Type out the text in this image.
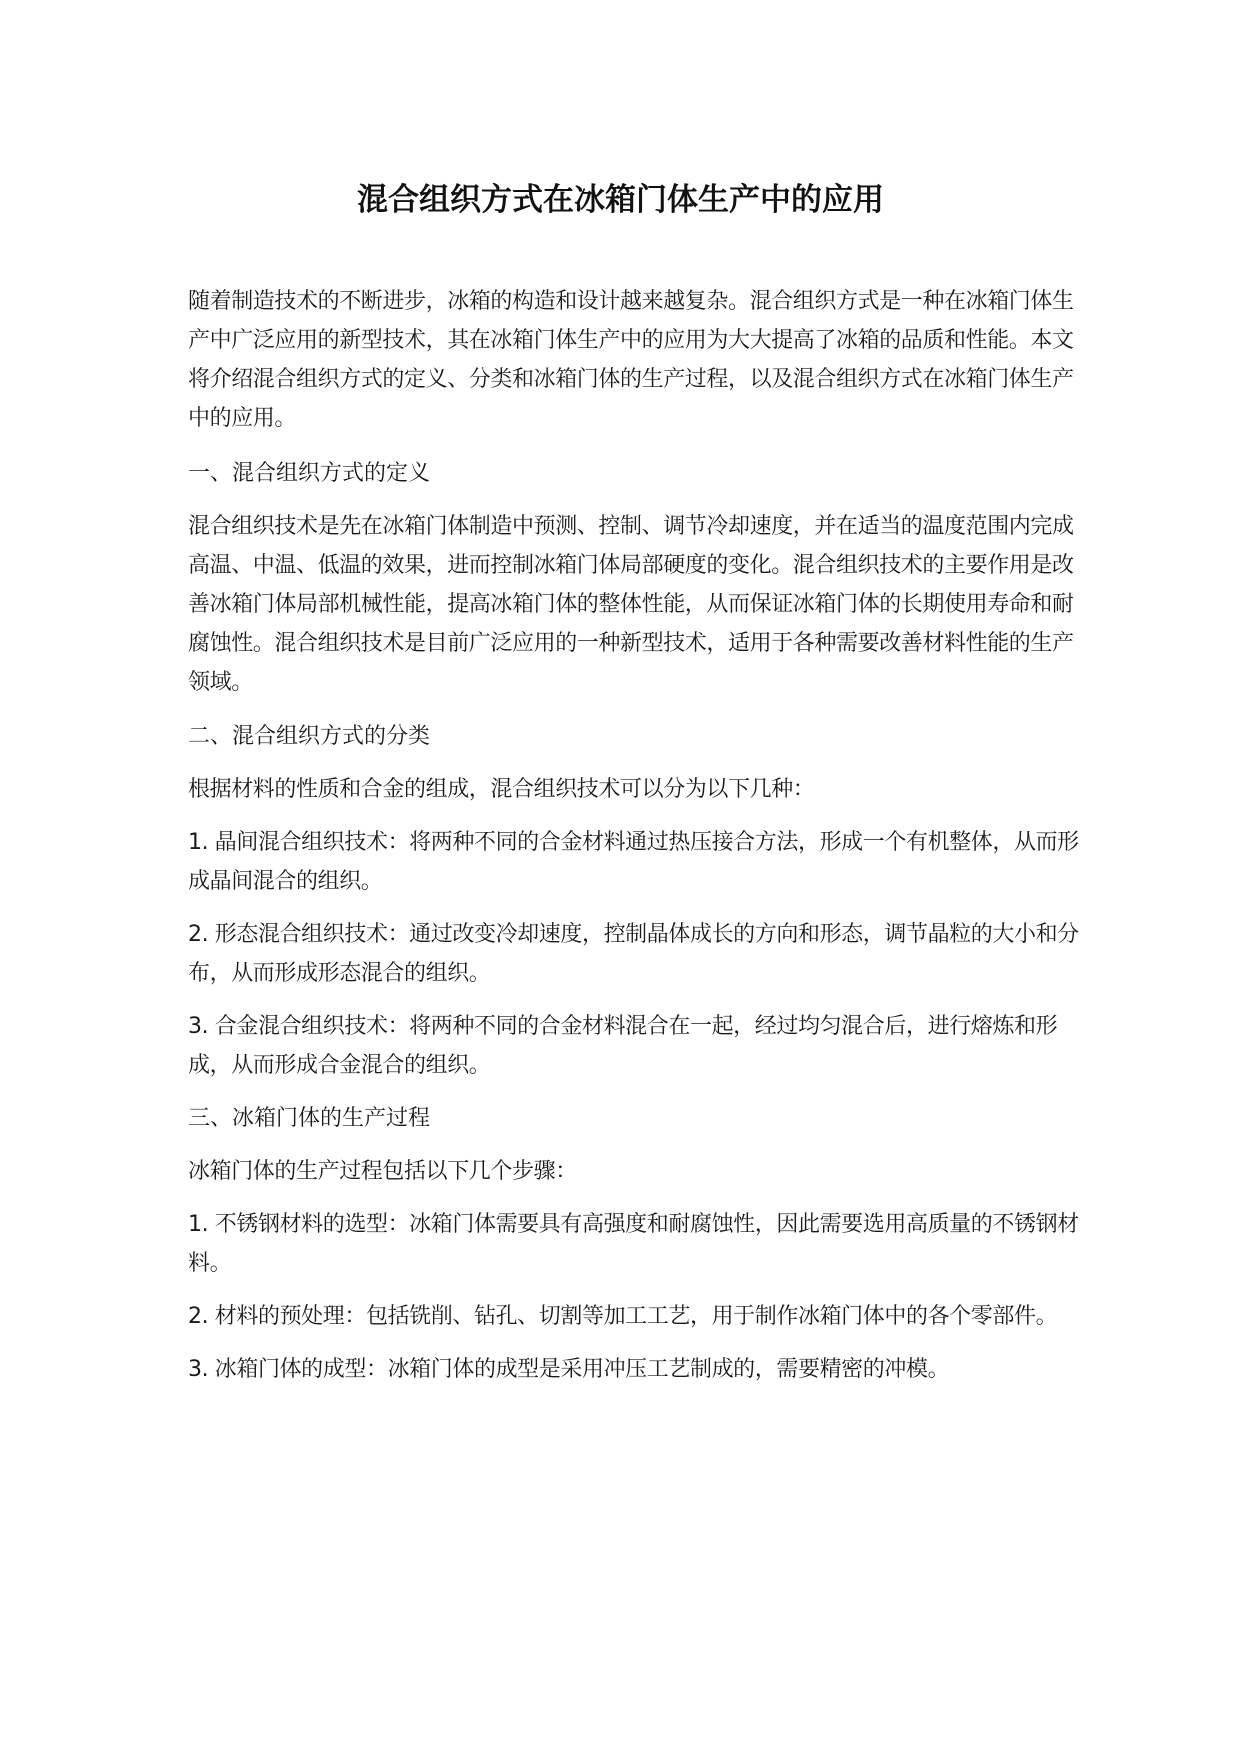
混合组织方式在冰箱门体生产中的应用

随着制造技术的不断进步，冰箱的构造和设计越来越复杂。混合组织方式是一种在冰箱门体生产中广泛应用的新型技术，其在冰箱门体生产中的应用为大大提高了冰箱的品质和性能。本文将介绍混合组织方式的定义、分类和冰箱门体的生产过程，以及混合组织方式在冰箱门体生产中的应用。

一、混合组织方式的定义

混合组织技术是先在冰箱门体制造中预测、控制、调节冷却速度，并在适当的温度范围内完成高温、中温、低温的效果，进而控制冰箱门体局部硬度的变化。混合组织技术的主要作用是改善冰箱门体局部机械性能，提高冰箱门体的整体性能，从而保证冰箱门体的长期使用寿命和耐腐蚀性。混合组织技术是目前广泛应用的一种新型技术，适用于各种需要改善材料性能的生产领域。

二、混合组织方式的分类

根据材料的性质和合金的组成，混合组织技术可以分为以下几种：

1. 晶间混合组织技术：将两种不同的合金材料通过热压接合方法，形成一个有机整体，从而形成晶间混合的组织。

2. 形态混合组织技术：通过改变冷却速度，控制晶体成长的方向和形态，调节晶粒的大小和分布，从而形成形态混合的组织。

3. 合金混合组织技术：将两种不同的合金材料混合在一起，经过均匀混合后，进行熔炼和形成，从而形成合金混合的组织。

三、冰箱门体的生产过程

冰箱门体的生产过程包括以下几个步骤：

1. 不锈钢材料的选型：冰箱门体需要具有高强度和耐腐蚀性，因此需要选用高质量的不锈钢材料。

2. 材料的预处理：包括铣削、钻孔、切割等加工工艺，用于制作冰箱门体中的各个零部件。

3. 冰箱门体的成型：冰箱门体的成型是采用冲压工艺制成的，需要精密的冲模。
